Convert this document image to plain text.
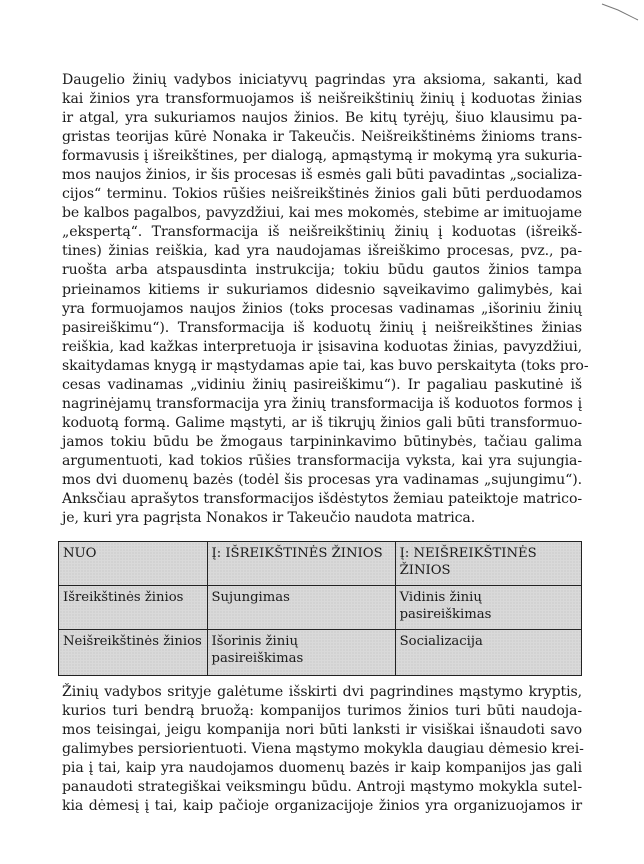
Daugelio žinių vadybos iniciatyvų pagrindas yra aksioma, sakanti, kad
kai žinios yra transformuojamos iš neišreikštinių žinių į koduotas žinias
ir atgal, yra sukuriamos naujos žinios. Be kitų tyrėjų, šiuo klausimu pa-
gristas teorijas kūrė Nonaka ir Takeučis. Neišreikštinėms žinioms trans-
formavusis į išreikštines, per dialogą, apmąstymą ir mokymą yra sukuria-
mos naujos žinios, ir šis procesas iš esmės gali būti pavadintas „socializa-
cijos“ terminu. Tokios rūšies neišreikštinės žinios gali būti perduodamos
be kalbos pagalbos, pavyzdžiui, kai mes mokomės, stebime ar imituojame
„ekspertą“. Transformacija iš neišreikštinių žinių į koduotas (išreikš-
tines) žinias reiškia, kad yra naudojamas išreiškimo procesas, pvz., pa-
ruošta arba atspausdinta instrukcija; tokiu būdu gautos žinios tampa
prieinamos kitiems ir sukuriamos didesnio sąveikavimo galimybės, kai
yra formuojamos naujos žinios (toks procesas vadinamas „išoriniu žinių
pasireiškimu“). Transformacija iš koduotų žinių į neišreikštines žinias
reiškia, kad kažkas interpretuoja ir įsisavina koduotas žinias, pavyzdžiui,
skaitydamas knygą ir mąstydamas apie tai, kas buvo perskaityta (toks pro-
cesas vadinamas „vidiniu žinių pasireiškimu“). Ir pagaliau paskutinė iš
nagrinėjamų transformacija yra žinių transformacija iš koduotos formos į
koduotą formą. Galime mąstyti, ar iš tikrųjų žinios gali būti transformuo-
jamos tokiu būdu be žmogaus tarpininkavimo būtinybės, tačiau galima
argumentuoti, kad tokios rūšies transformacija vyksta, kai yra sujungia-
mos dvi duomenų bazės (todėl šis procesas yra vadinamas „sujungimu“).
Anksčiau aprašytos transformacijos išdėstytos žemiau pateiktoje matrico-
je, kuri yra pagrįsta Nonakos ir Takeučio naudota matrica.

NUO	Į: IŠREIKŠTINĖS ŽINIOS	Į: NEIŠREIKŠTINĖS ŽINIOS
Išreikštinės žinios	Sujungimas	Vidinis žinių pasireiškimas
Neišreikštinės žinios	Išorinis žinių pasireiškimas	Socializacija

Žinių vadybos srityje galėtume išskirti dvi pagrindines mąstymo kryptis,
kurios turi bendrą bruožą: kompanijos turimos žinios turi būti naudoja-
mos teisingai, jeigu kompanija nori būti lanksti ir visiškai išnaudoti savo
galimybes persiorientuoti. Viena mąstymo mokykla daugiau dėmesio krei-
pia į tai, kaip yra naudojamos duomenų bazės ir kaip kompanijos jas gali
panaudoti strategiškai veiksmingu būdu. Antroji mąstymo mokykla sutel-
kia dėmesį į tai, kaip pačioje organizacijoje žinios yra organizuojamos ir
